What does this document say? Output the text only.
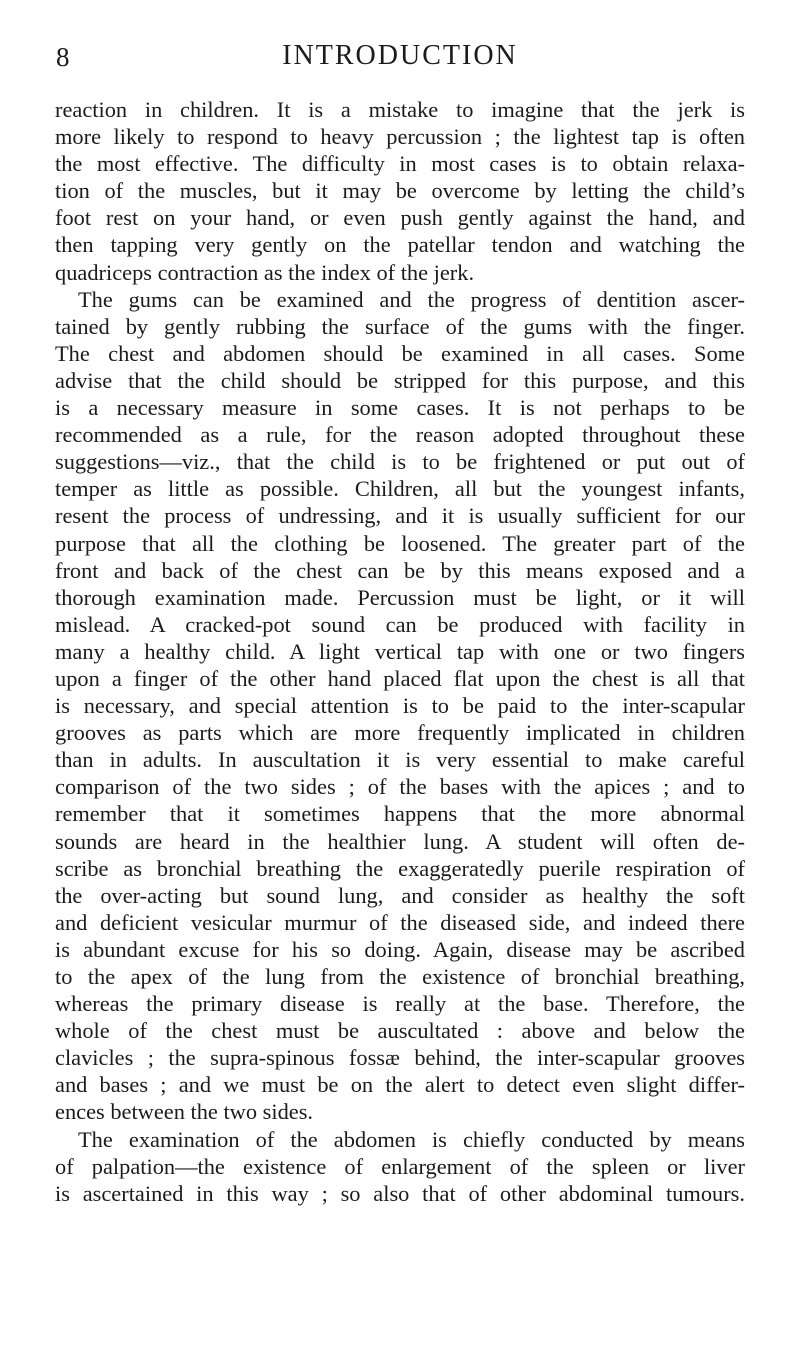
8	INTRODUCTION

reaction in children. It is a mistake to imagine that the jerk is
more likely to respond to heavy percussion ; the lightest tap is often
the most effective. The difficulty in most cases is to obtain relaxa-
tion of the muscles, but it may be overcome by letting the child’s
foot rest on your hand, or even push gently against the hand, and
then tapping very gently on the patellar tendon and watching the
quadriceps contraction as the index of the jerk.

The gums can be examined and the progress of dentition ascer-
tained by gently rubbing the surface of the gums with the finger.
The chest and abdomen should be examined in all cases. Some
advise that the child should be stripped for this purpose, and this
is a necessary measure in some cases. It is not perhaps to be
recommended as a rule, for the reason adopted throughout these
suggestions—viz., that the child is to be frightened or put out of
temper as little as possible. Children, all but the youngest infants,
resent the process of undressing, and it is usually sufficient for our
purpose that all the clothing be loosened. The greater part of the
front and back of the chest can be by this means exposed and a
thorough examination made. Percussion must be light, or it will
mislead. A cracked-pot sound can be produced with facility in
many a healthy child. A light vertical tap with one or two fingers
upon a finger of the other hand placed flat upon the chest is all that
is necessary, and special attention is to be paid to the inter-scapular
grooves as parts which are more frequently implicated in children
than in adults. In auscultation it is very essential to make careful
comparison of the two sides ; of the bases with the apices ; and to
remember that it sometimes happens that the more abnormal
sounds are heard in the healthier lung. A student will often de-
scribe as bronchial breathing the exaggeratedly puerile respiration of
the over-acting but sound lung, and consider as healthy the soft
and deficient vesicular murmur of the diseased side, and indeed there
is abundant excuse for his so doing. Again, disease may be ascribed
to the apex of the lung from the existence of bronchial breathing,
whereas the primary disease is really at the base. Therefore, the
whole of the chest must be auscultated : above and below the
clavicles ; the supra-spinous fossæ behind, the inter-scapular grooves
and bases ; and we must be on the alert to detect even slight differ-
ences between the two sides.

The examination of the abdomen is chiefly conducted by means
of palpation—the existence of enlargement of the spleen or liver
is ascertained in this way ; so also that of other abdominal tumours.
